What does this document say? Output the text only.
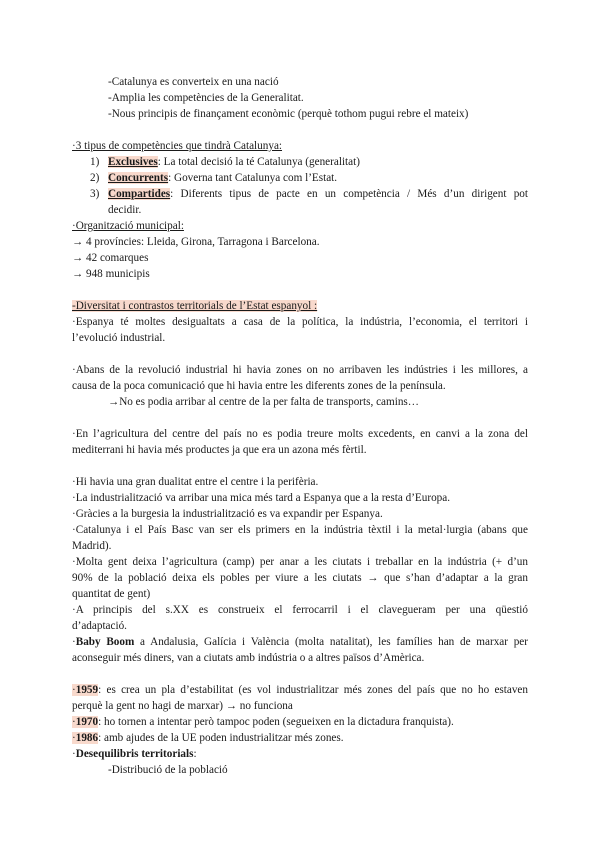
-Catalunya es converteix en una nació
-Amplia les competències de la Generalitat.
-Nous principis de finançament econòmic (perquè tothom pugui rebre el mateix)
·3 tipus de competències que tindrà Catalunya:
1) Exclusives: La total decisió la té Catalunya (generalitat)
2) Concurrents: Governa tant Catalunya com l’Estat.
3) Compartides: Diferents tipus de pacte en un competència / Més d’un dirigent pot
decidir.
·Organització municipal:
→ 4 províncies: Lleida, Girona, Tarragona i Barcelona.
→ 42 comarques
→ 948 municipis
-Diversitat i contrastos territorials de l’Estat espanyol :
·Espanya té moltes desigualtats a casa de la política, la indústria, l’economia, el territori i
l’evolució industrial.
·Abans de la revolució industrial hi havia zones on no arribaven les indústries i les millores, a
causa de la poca comunicació que hi havia entre les diferents zones de la península.
→No es podia arribar al centre de la per falta de transports, camins…
·En l’agricultura del centre del país no es podia treure molts excedents, en canvi a la zona del
mediterrani hi havia més productes ja que era un azona més fèrtil.
·Hi havia una gran dualitat entre el centre i la perifèria.
·La industrialització va arribar una mica més tard a Espanya que a la resta d’Europa.
·Gràcies a la burgesia la industrialització es va expandir per Espanya.
·Catalunya i el País Basc van ser els primers en la indústria tèxtil i la metal·lurgia (abans que
Madrid).
·Molta gent deixa l’agricultura (camp) per anar a les ciutats i treballar en la indústria (+ d’un
90% de la població deixa els pobles per viure a les ciutats → que s’han d’adaptar a la gran
quantitat de gent)
·A principis del s.XX es construeix el ferrocarril i el clavegueram per una qüestió
d’adaptació.
·Baby Boom a Andalusia, Galícia i València (molta natalitat), les famílies han de marxar per
aconseguir més diners, van a ciutats amb indústria o a altres països d’Amèrica.
·1959: es crea un pla d’estabilitat (es vol industrialitzar més zones del país que no ho estaven
perquè la gent no hagi de marxar) → no funciona
·1970: ho tornen a intentar però tampoc poden (segueixen en la dictadura franquista).
·1986: amb ajudes de la UE poden industrialitzar més zones.
·Desequilibris territorials:
-Distribució de la població
